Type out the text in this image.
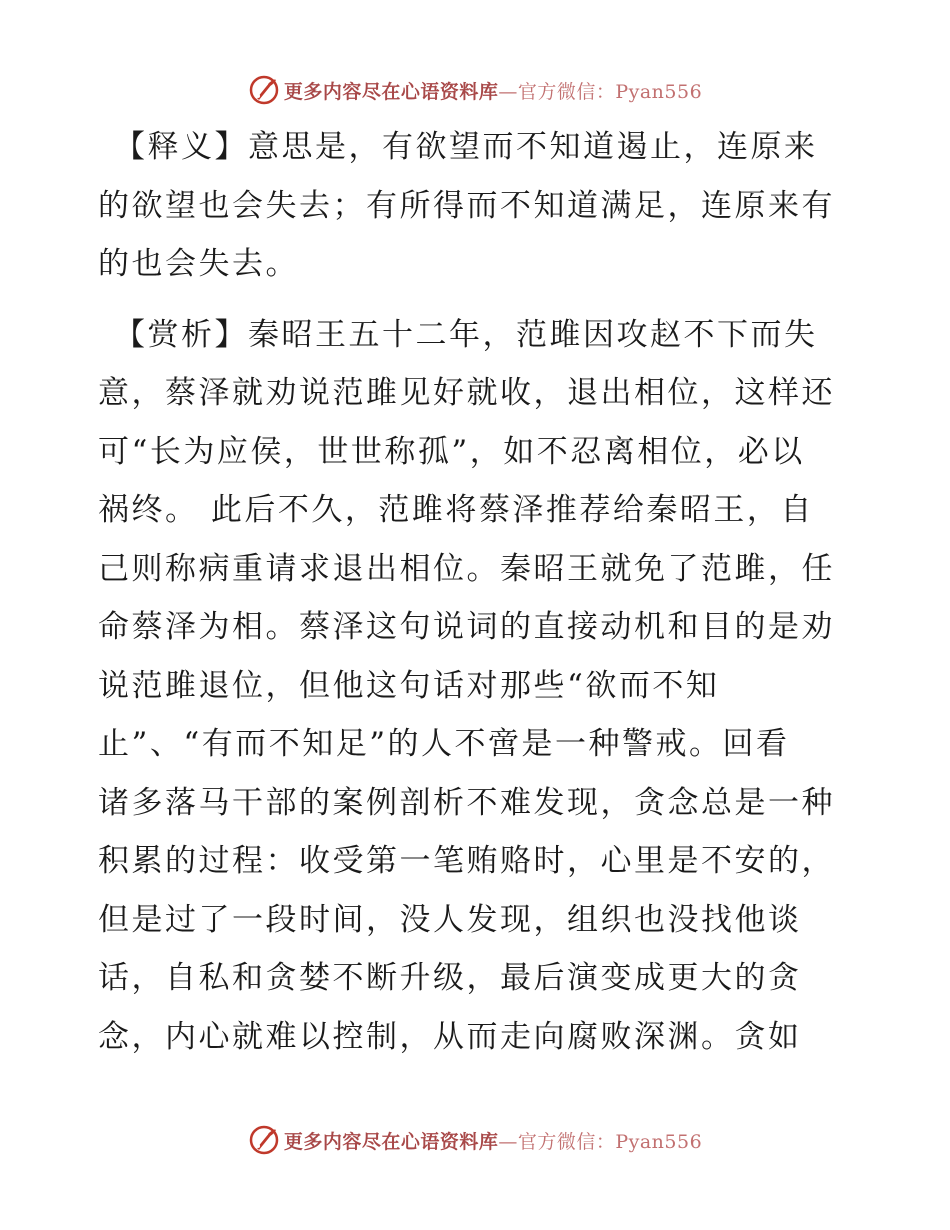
更多内容尽在心语资料库—官方微信：Pyan556
【释义】意思是，有欲望而不知道遏止，连原来
的欲望也会失去；有所得而不知道满足，连原来有
的也会失去。
【赏析】秦昭王五十二年，范雎因攻赵不下而失
意，蔡泽就劝说范雎见好就收，退出相位，这样还
可“长为应侯，世世称孤”，如不忍离相位，必以
祸终。 此后不久，范雎将蔡泽推荐给秦昭王，自
己则称病重请求退出相位。秦昭王就免了范雎，任
命蔡泽为相。蔡泽这句说词的直接动机和目的是劝
说范雎退位，但他这句话对那些“欲而不知
止”、“有而不知足”的人不啻是一种警戒。回看
诸多落马干部的案例剖析不难发现，贪念总是一种
积累的过程：收受第一笔贿赂时，心里是不安的，
但是过了一段时间，没人发现，组织也没找他谈
话，自私和贪婪不断升级，最后演变成更大的贪
念，内心就难以控制，从而走向腐败深渊。贪如
更多内容尽在心语资料库—官方微信：Pyan556
